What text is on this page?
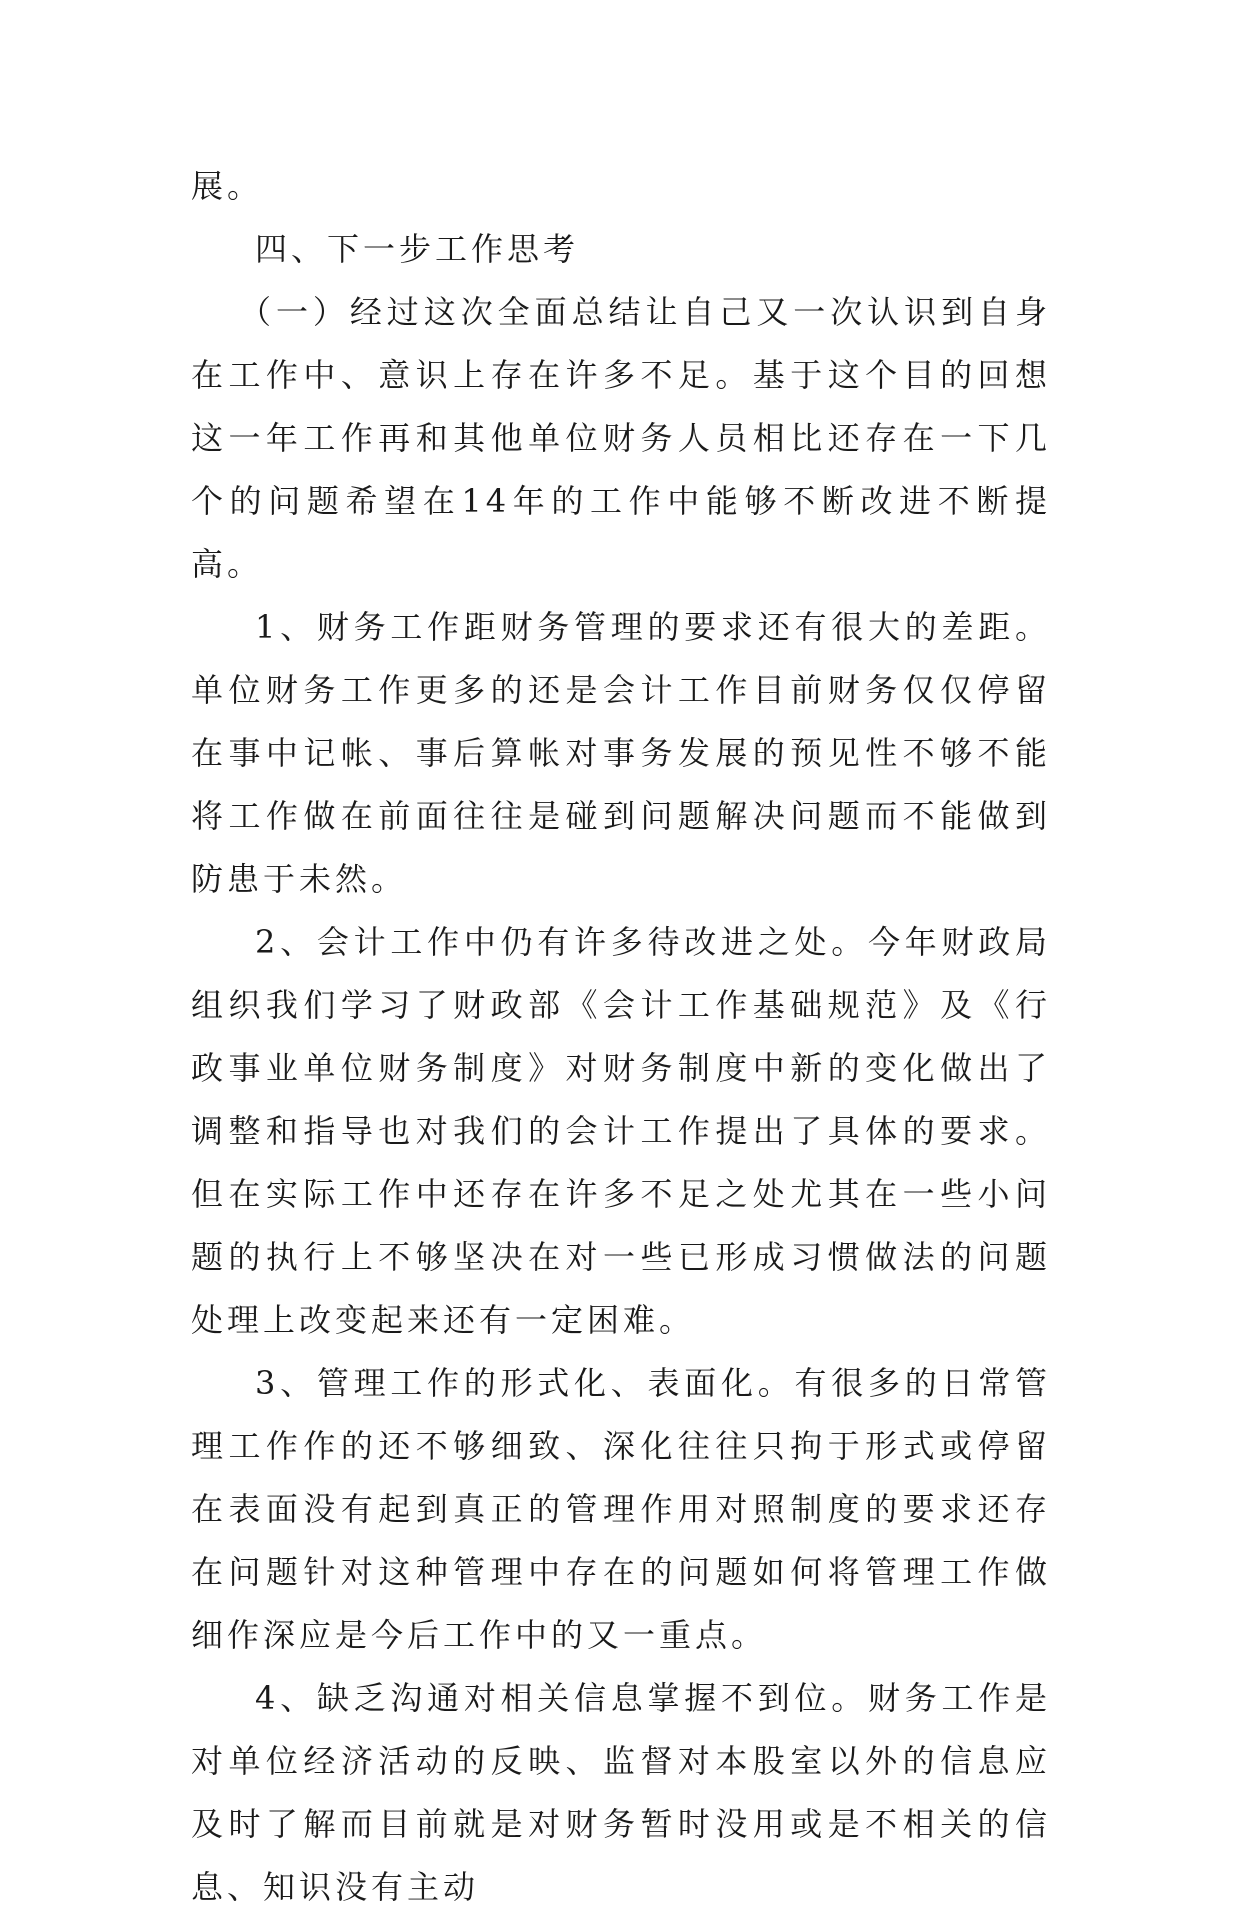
展。

四、下一步工作思考

（一）经过这次全面总结让自己又一次认识到自身在工作中、意识上存在许多不足。基于这个目的回想这一年工作再和其他单位财务人员相比还存在一下几个的问题希望在14年的工作中能够不断改进不断提高。

1、财务工作距财务管理的要求还有很大的差距。单位财务工作更多的还是会计工作目前财务仅仅停留在事中记帐、事后算帐对事务发展的预见性不够不能将工作做在前面往往是碰到问题解决问题而不能做到防患于未然。

2、会计工作中仍有许多待改进之处。今年财政局组织我们学习了财政部《会计工作基础规范》及《行政事业单位财务制度》对财务制度中新的变化做出了调整和指导也对我们的会计工作提出了具体的要求。但在实际工作中还存在许多不足之处尤其在一些小问题的执行上不够坚决在对一些已形成习惯做法的问题处理上改变起来还有一定困难。

3、管理工作的形式化、表面化。有很多的日常管理工作作的还不够细致、深化往往只拘于形式或停留在表面没有起到真正的管理作用对照制度的要求还存在问题针对这种管理中存在的问题如何将管理工作做细作深应是今后工作中的又一重点。

4、缺乏沟通对相关信息掌握不到位。财务工作是对单位经济活动的反映、监督对本股室以外的信息应及时了解而目前就是对财务暂时没用或是不相关的信息、知识没有主动
